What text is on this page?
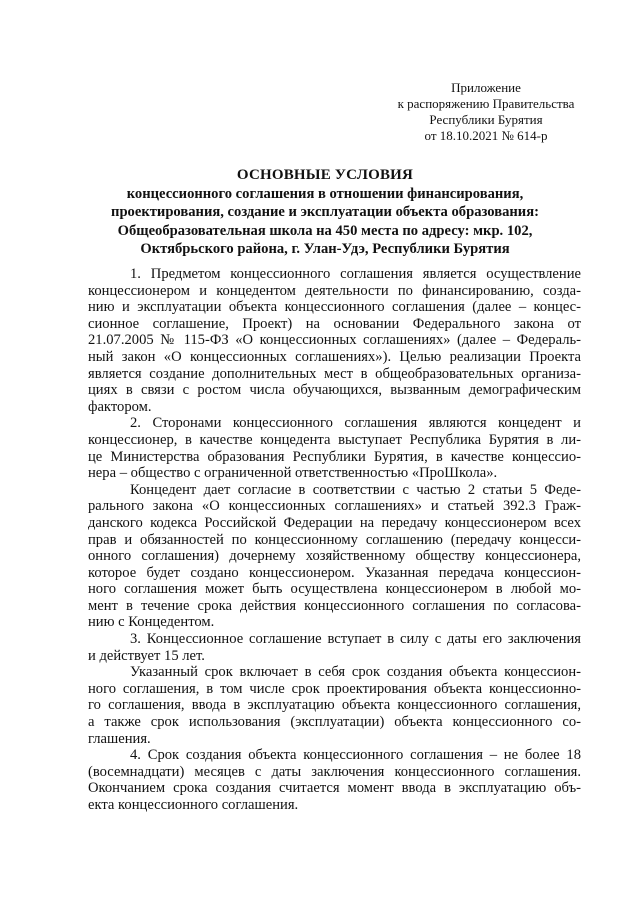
Приложение
к распоряжению Правительства
Республики Бурятия
от 18.10.2021 № 614-р
ОСНОВНЫЕ УСЛОВИЯ
концессионного соглашения в отношении финансирования,
проектирования, создание и эксплуатации объекта образования:
Общеобразовательная школа на 450 места по адресу: мкр. 102,
Октябрьского района, г. Улан-Удэ, Республики Бурятия

1. Предметом концессионного соглашения является осуществление
концессионером и концедентом деятельности по финансированию, созда-
нию и эксплуатации объекта концессионного соглашения (далее – концес-
сионное соглашение, Проект) на основании Федерального закона от
21.07.2005 № 115-ФЗ «О концессионных соглашениях» (далее – Федераль-
ный закон «О концессионных соглашениях»). Целью реализации Проекта
является создание дополнительных мест в общеобразовательных организа-
циях в связи с ростом числа обучающихся, вызванным демографическим
фактором.

2. Сторонами концессионного соглашения являются концедент и
концессионер, в качестве концедента выступает Республика Бурятия в ли-
це Министерства образования Республики Бурятия, в качестве концессио-
нера – общество с ограниченной ответственностью «ПроШкола».

Концедент дает согласие в соответствии с частью 2 статьи 5 Феде-
рального закона «О концессионных соглашениях» и статьей 392.3 Граж-
данского кодекса Российской Федерации на передачу концессионером всех
прав и обязанностей по концессионному соглашению (передачу концесси-
онного соглашения) дочернему хозяйственному обществу концессионера,
которое будет создано концессионером. Указанная передача концессион-
ного соглашения может быть осуществлена концессионером в любой мо-
мент в течение срока действия концессионного соглашения по согласова-
нию с Концедентом.

3. Концессионное соглашение вступает в силу с даты его заключения
и действует 15 лет.

Указанный срок включает в себя срок создания объекта концессион-
ного соглашения, в том числе срок проектирования объекта концессионно-
го соглашения, ввода в эксплуатацию объекта концессионного соглашения,
а также срок использования (эксплуатации) объекта концессионного со-
глашения.

4. Срок создания объекта концессионного соглашения – не более 18
(восемнадцати) месяцев с даты заключения концессионного соглашения.
Окончанием срока создания считается момент ввода в эксплуатацию объ-
екта концессионного соглашения.
